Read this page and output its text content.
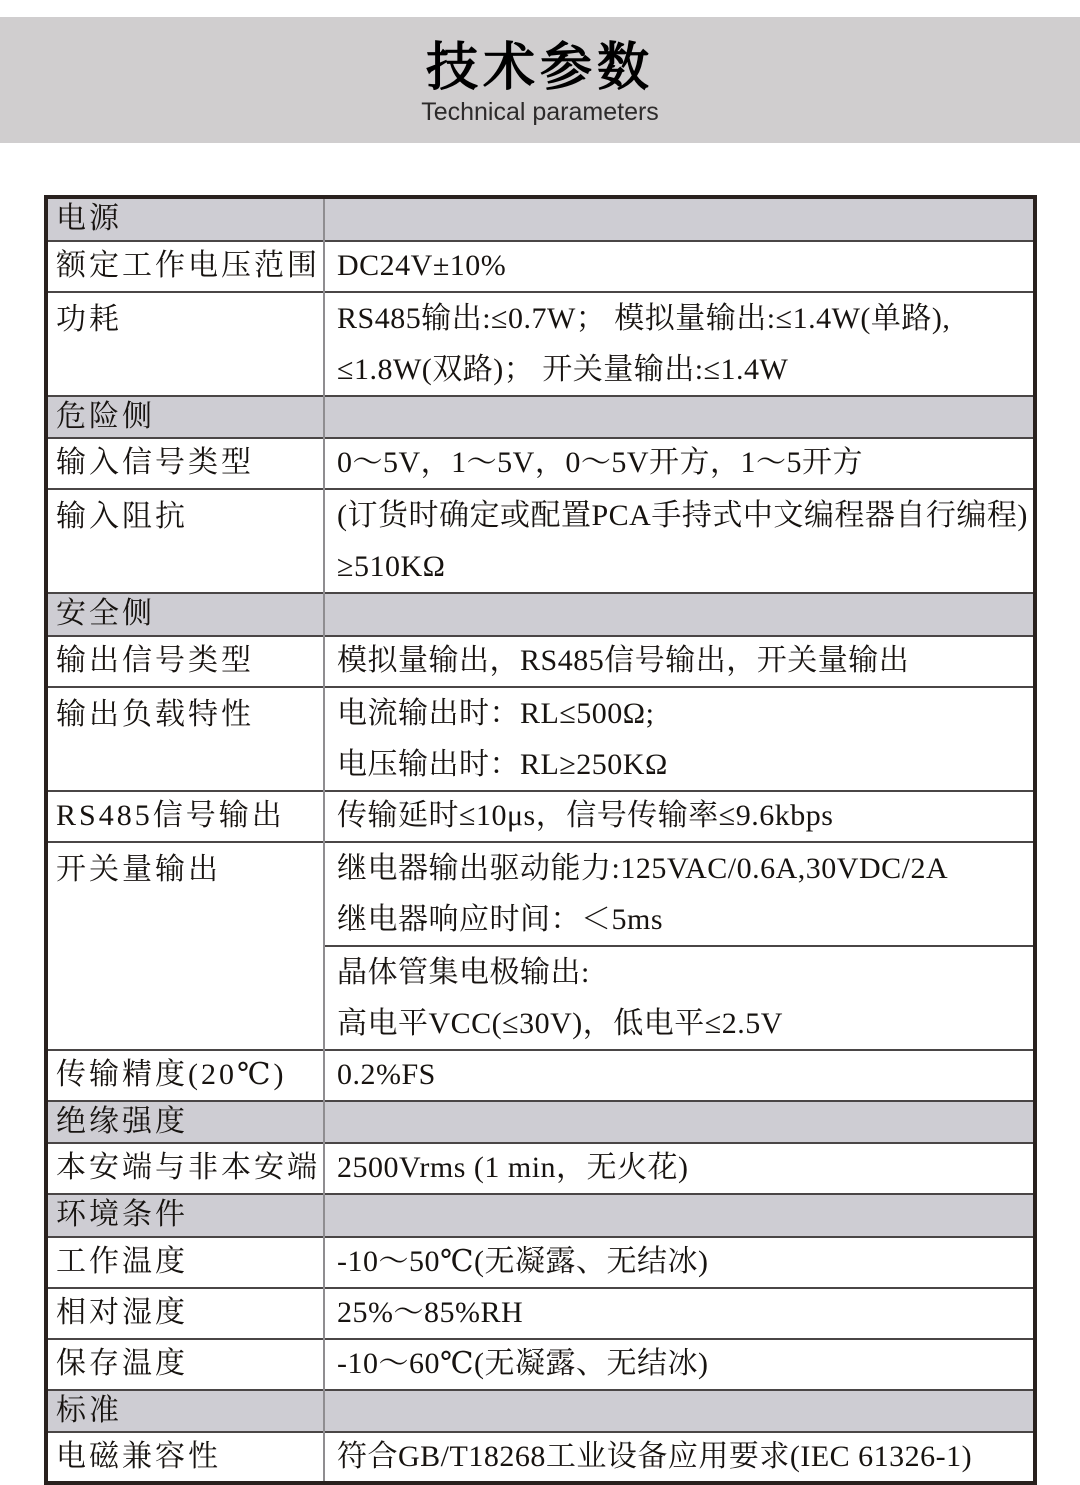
技术参数
Technical parameters
电源	
额定工作电压范围	DC24V±10%

功耗	RS485输出:≤0.7W； 模拟量输出:≤1.4W(单路),
≤1.8W(双路)； 开关量输出:≤1.4W

危险侧	
输入信号类型	0～5V，1～5V，0～5V开方，1～5开方

输入阻抗	(订货时确定或配置PCA手持式中文编程器自行编程)
≥510KΩ

安全侧	
输出信号类型	模拟量输出，RS485信号输出，开关量输出

输出负载特性	电流输出时：RL≤500Ω;
电压输出时：RL≥250KΩ

RS485信号输出	传输延时≤10μs，信号传输率≤9.6kbps

开关量输出	继电器输出驱动能力:125VAC/0.6A,30VDC/2A
继电器响应时间：＜5ms

	晶体管集电极输出:
高电平VCC(≤30V)，低电平≤2.5V

传输精度(20℃)	0.2%FS

绝缘强度	
本安端与非本安端	2500Vrms (1 min，无火花)

环境条件	
工作温度	-10～50℃(无凝露、无结冰)

相对湿度	25%～85%RH

保存温度	-10～60℃(无凝露、无结冰)

标准	
电磁兼容性	符合GB/T18268工业设备应用要求(IEC 61326-1)
